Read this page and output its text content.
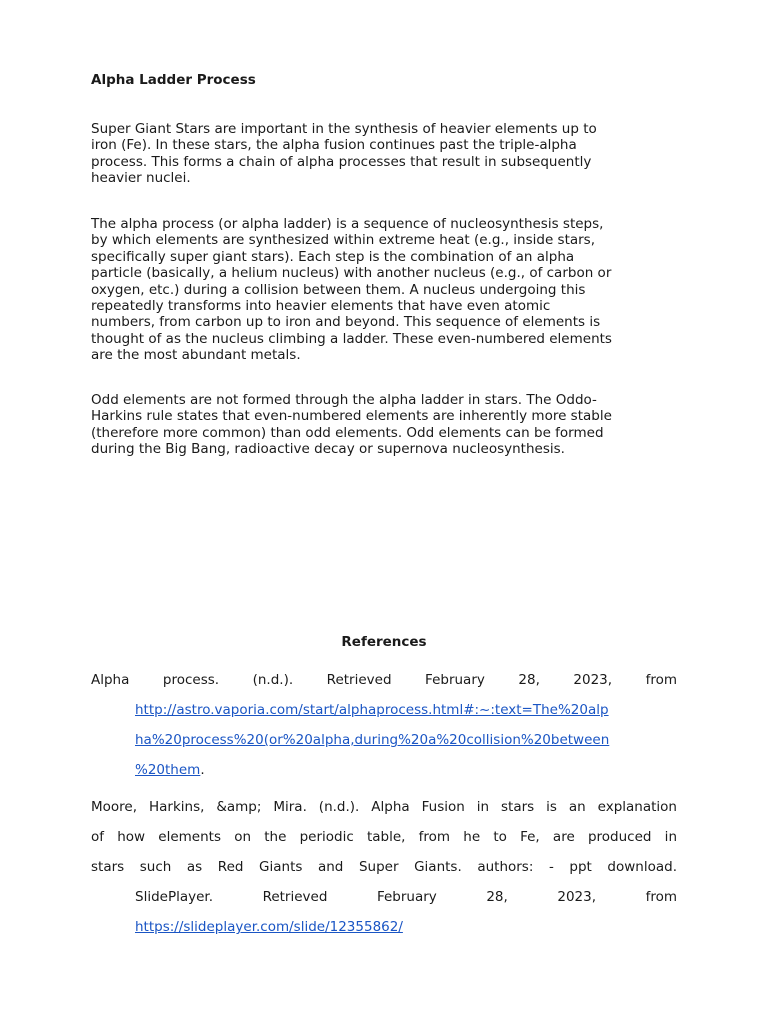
Alpha Ladder Process

Super Giant Stars are important in the synthesis of heavier elements up to
iron (Fe). In these stars, the alpha fusion continues past the triple-alpha
process. This forms a chain of alpha processes that result in subsequently
heavier nuclei.

The alpha process (or alpha ladder) is a sequence of nucleosynthesis steps,
by which elements are synthesized within extreme heat (e.g., inside stars,
specifically super giant stars). Each step is the combination of an alpha
particle (basically, a helium nucleus) with another nucleus (e.g., of carbon or
oxygen, etc.) during a collision between them. A nucleus undergoing this
repeatedly transforms into heavier elements that have even atomic
numbers, from carbon up to iron and beyond. This sequence of elements is
thought of as the nucleus climbing a ladder. These even-numbered elements
are the most abundant metals.

Odd elements are not formed through the alpha ladder in stars. The Oddo-
Harkins rule states that even-numbered elements are inherently more stable
(therefore more common) than odd elements. Odd elements can be formed
during the Big Bang, radioactive decay or supernova nucleosynthesis.

References
Alpha process. (n.d.). Retrieved February 28, 2023, from
http://astro.vaporia.com/start/alphaprocess.html#:~:text=The%20alp
ha%20process%20(or%20alpha,during%20a%20collision%20between
%20them.
Moore, Harkins, &amp; Mira. (n.d.). Alpha Fusion in stars is an explanation
of how elements on the periodic table, from he to Fe, are produced in
stars such as Red Giants and Super Giants. authors: - ppt download.
SlidePlayer. Retrieved February 28, 2023, from
https://slideplayer.com/slide/12355862/
